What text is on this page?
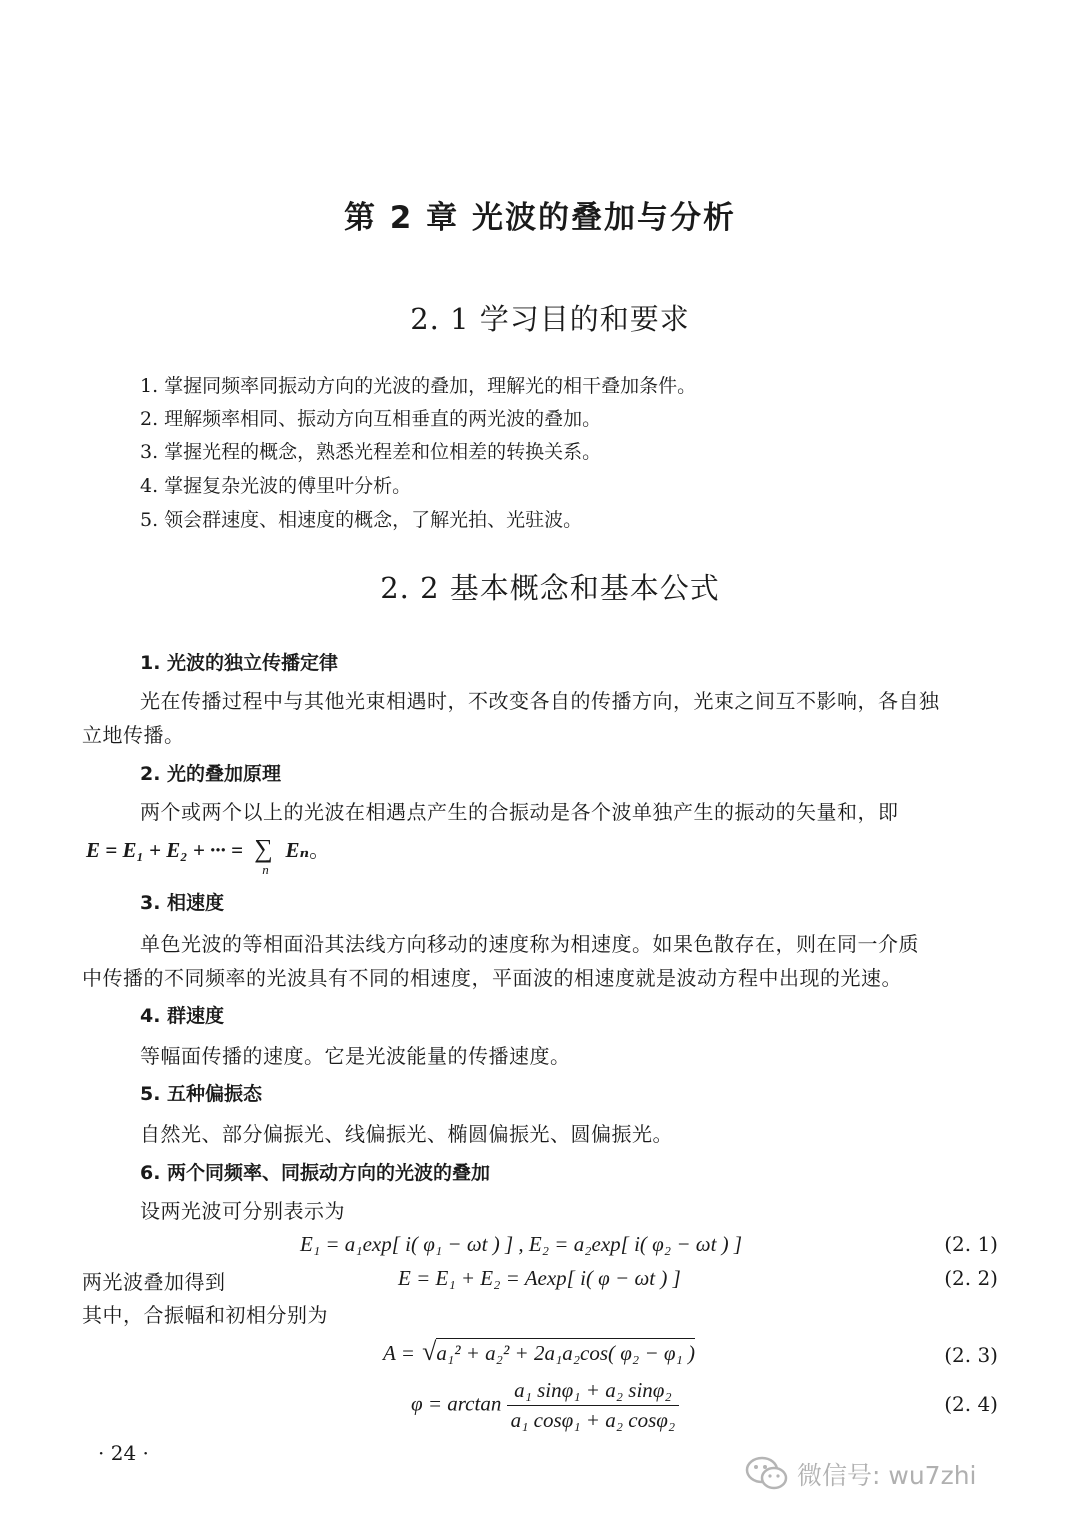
第 2 章 光波的叠加与分析
2. 1 学习目的和要求
1. 掌握同频率同振动方向的光波的叠加，理解光的相干叠加条件。
2. 理解频率相同、振动方向互相垂直的两光波的叠加。
3. 掌握光程的概念，熟悉光程差和位相差的转换关系。
4. 掌握复杂光波的傅里叶分析。
5. 领会群速度、相速度的概念，了解光拍、光驻波。
2. 2 基本概念和基本公式
1. 光波的独立传播定律
光在传播过程中与其他光束相遇时，不改变各自的传播方向，光束之间互不影响，各自独
立地传播。
2. 光的叠加原理
两个或两个以上的光波在相遇点产生的合振动是各个波单独产生的振动的矢量和，即
E = E₁ + E₂ + ··· = ∑
n
Eₙ。
3. 相速度
单色光波的等相面沿其法线方向移动的速度称为相速度。如果色散存在，则在同一介质
中传播的不同频率的光波具有不同的相速度，平面波的相速度就是波动方程中出现的光速。
4. 群速度
等幅面传播的速度。它是光波能量的传播速度。
5. 五种偏振态
自然光、部分偏振光、线偏振光、椭圆偏振光、圆偏振光。
6. 两个同频率、同振动方向的光波的叠加
设两光波可分别表示为
E₁ = a₁exp[ i( φ₁ − ωt ) ] , E₂ = a₂exp[ i( φ₂ − ωt ) ]	(2. 1)
两光波叠加得到	E = E₁ + E₂ = Aexp[ i( φ − ωt ) ]	(2. 2)
其中，合振幅和初相分别为
A = √a₁² + a₂² + 2a₁a₂cos( φ₂ − φ₁ )	(2. 3)
$\varphi = \arctan \frac{\text{a₁ sinφ₁ + a₂ sinφ₂}}{\text{a₁ cosφ₁ + a₂ cosφ₂}}$	(2. 4)
· 24 ·
微信号: wu7zhi
